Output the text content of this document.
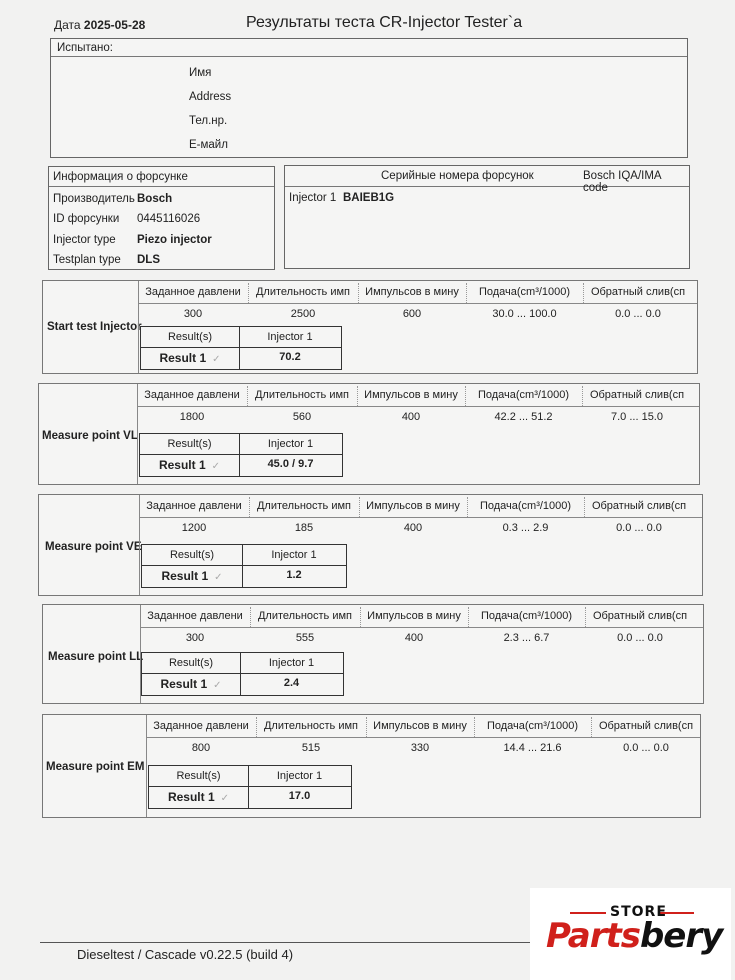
Дата 2025-05-28	Результаты теста CR-Injector Tester`a
Испытано:
Имя
Address
Тел.нр.
E-майл
Информация о форсунке
Производитель Bosch
ID форсунки 0445116026
Injector type Piezo injector
Testplan type DLS
Серийные номера форсунок	Bosch IQA/IMA code
Injector 1 BAIEB1G
Start test Injector
Заданное давлени	Длительность имп	Импульсов в мину	Подача(cm³/1000)	Обратный слив(сп
300	2500	600	30.0 ... 100.0	0.0 ... 0.0
Result(s)	Injector 1
Result 1 ✓	70.2
Measure point VL
Заданное давлени	Длительность имп	Импульсов в мину	Подача(cm³/1000)	Обратный слив(сп
1800	560	400	42.2 ... 51.2	7.0 ... 15.0
Result(s)	Injector 1
Result 1 ✓	45.0 / 9.7
Measure point VE
Заданное давлени	Длительность имп	Импульсов в мину	Подача(cm³/1000)	Обратный слив(сп
1200	185	400	0.3 ... 2.9	0.0 ... 0.0
Result(s)	Injector 1
Result 1 ✓	1.2
Measure point LL
Заданное давлени	Длительность имп	Импульсов в мину	Подача(cm³/1000)	Обратный слив(сп
300	555	400	2.3 ... 6.7	0.0 ... 0.0
Result(s)	Injector 1
Result 1 ✓	2.4
Measure point EM
Заданное давлени	Длительность имп	Импульсов в мину	Подача(cm³/1000)	Обратный слив(сп
800	515	330	14.4 ... 21.6	0.0 ... 0.0
Result(s)	Injector 1
Result 1 ✓	17.0
Dieseltest / Cascade v0.22.5 (build 4)
STORE
Partsbery
